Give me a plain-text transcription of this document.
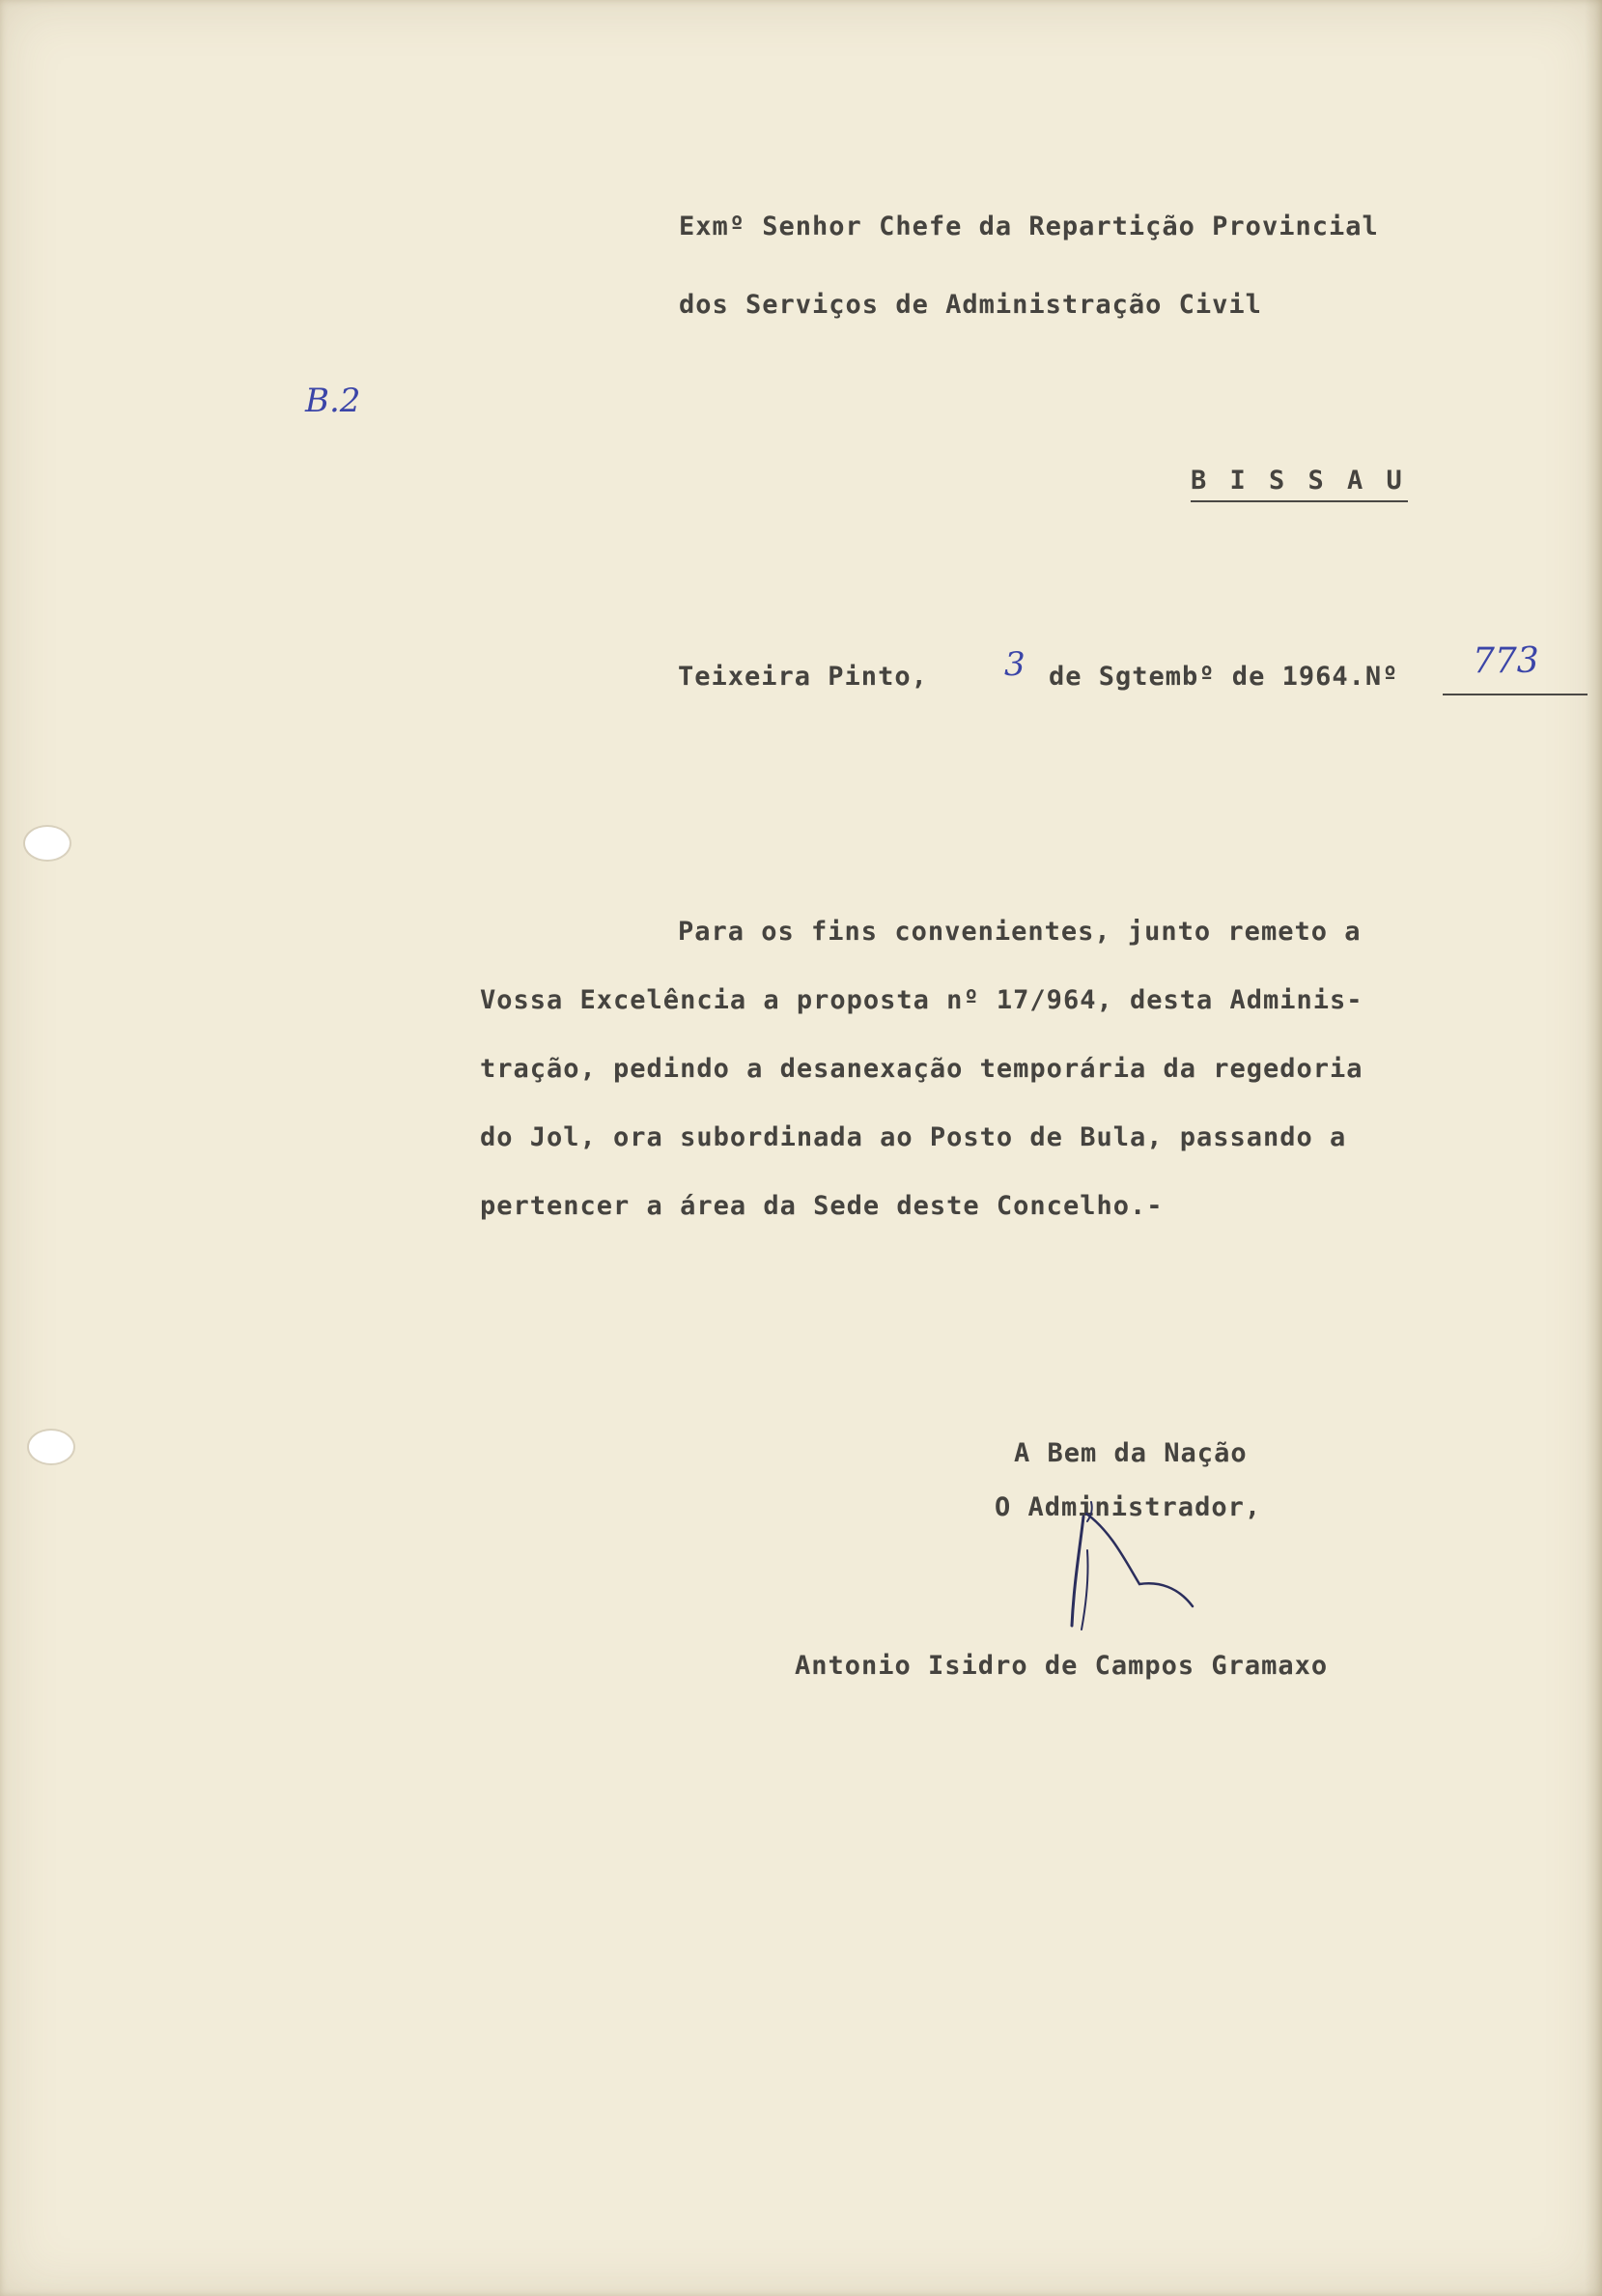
Exmº Senhor Chefe da Repartição Provincial
dos Serviços de Administração Civil
B.2
B I S S A U
Teixeira Pinto, 3 de Sgtembº de 1964.Nº 773
Para os fins convenientes, junto remeto a
Vossa Excelência a proposta nº 17/964, desta Adminis-
tração, pedindo a desanexação temporária da regedoria
do Jol, ora subordinada ao Posto de Bula, passando a
pertencer a área da Sede deste Concelho.-
A Bem da Nação
O Administrador,
Antonio Isidro de Campos Gramaxo
